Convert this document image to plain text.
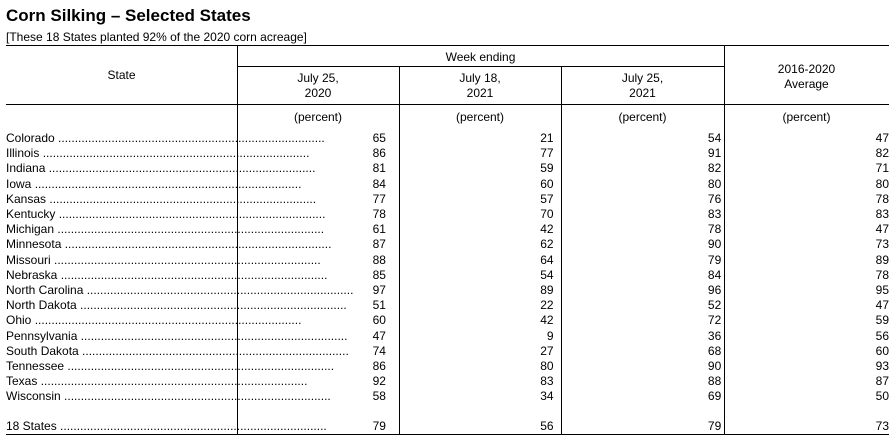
Corn Silking – Selected States
[These 18 States planted 92% of the 2020 corn acreage]
State
Week ending
July 25,
2020
July 18,
2021
July 25,
2021
2016-2020
Average
(percent)	(percent)	(percent)	(percent)
Colorado ................................................................................	65	21	54	47
Illinois ................................................................................	86	77	91	82
Indiana ................................................................................	81	59	82	71
Iowa ................................................................................	84	60	80	80
Kansas ................................................................................	77	57	76	78
Kentucky ................................................................................	78	70	83	83
Michigan ................................................................................	61	42	78	47
Minnesota ................................................................................	87	62	90	73
Missouri ................................................................................	88	64	79	89
Nebraska ................................................................................	85	54	84	78
North Carolina ................................................................................	97	89	96	95
North Dakota ................................................................................	51	22	52	47
Ohio ................................................................................	60	42	72	59
Pennsylvania ................................................................................	47	9	36	56
South Dakota ................................................................................	74	27	68	60
Tennessee ................................................................................	86	80	90	93
Texas ................................................................................	92	83	88	87
Wisconsin ................................................................................	58	34	69	50

18 States ................................................................................	79	56	79	73
